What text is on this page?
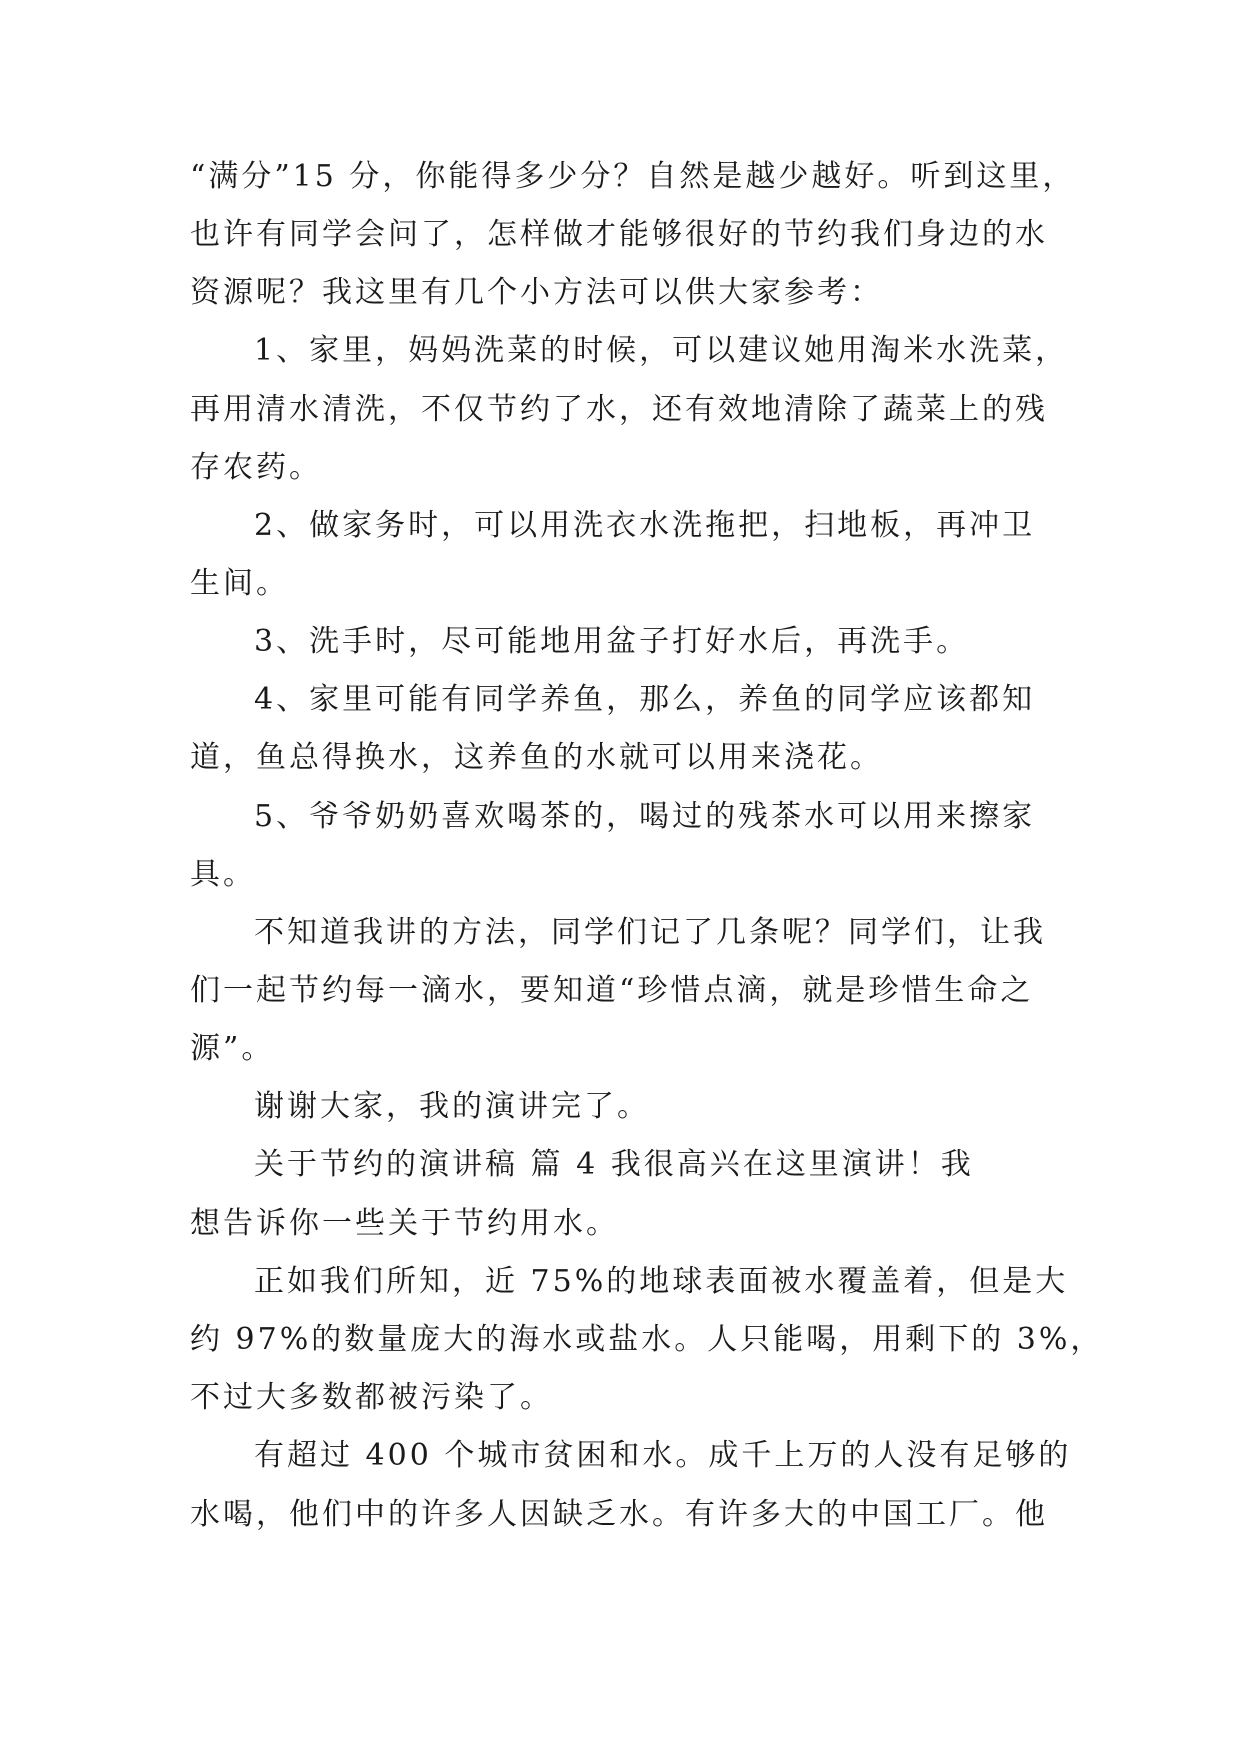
“满分”15 分，你能得多少分？自然是越少越好。听到这里，
也许有同学会问了，怎样做才能够很好的节约我们身边的水
资源呢？我这里有几个小方法可以供大家参考：
1、家里，妈妈洗菜的时候，可以建议她用淘米水洗菜，
再用清水清洗，不仅节约了水，还有效地清除了蔬菜上的残
存农药。
2、做家务时，可以用洗衣水洗拖把，扫地板，再冲卫
生间。
3、洗手时，尽可能地用盆子打好水后，再洗手。
4、家里可能有同学养鱼，那么，养鱼的同学应该都知
道，鱼总得换水，这养鱼的水就可以用来浇花。
5、爷爷奶奶喜欢喝茶的，喝过的残茶水可以用来擦家
具。
不知道我讲的方法，同学们记了几条呢？同学们，让我
们一起节约每一滴水，要知道“珍惜点滴，就是珍惜生命之
源”。
谢谢大家，我的演讲完了。
关于节约的演讲稿 篇 4 我很高兴在这里演讲！我
想告诉你一些关于节约用水。
正如我们所知，近 75%的地球表面被水覆盖着，但是大
约 97%的数量庞大的海水或盐水。人只能喝，用剩下的 3%，
不过大多数都被污染了。
有超过 400 个城市贫困和水。成千上万的人没有足够的
水喝，他们中的许多人因缺乏水。有许多大的中国工厂。他
